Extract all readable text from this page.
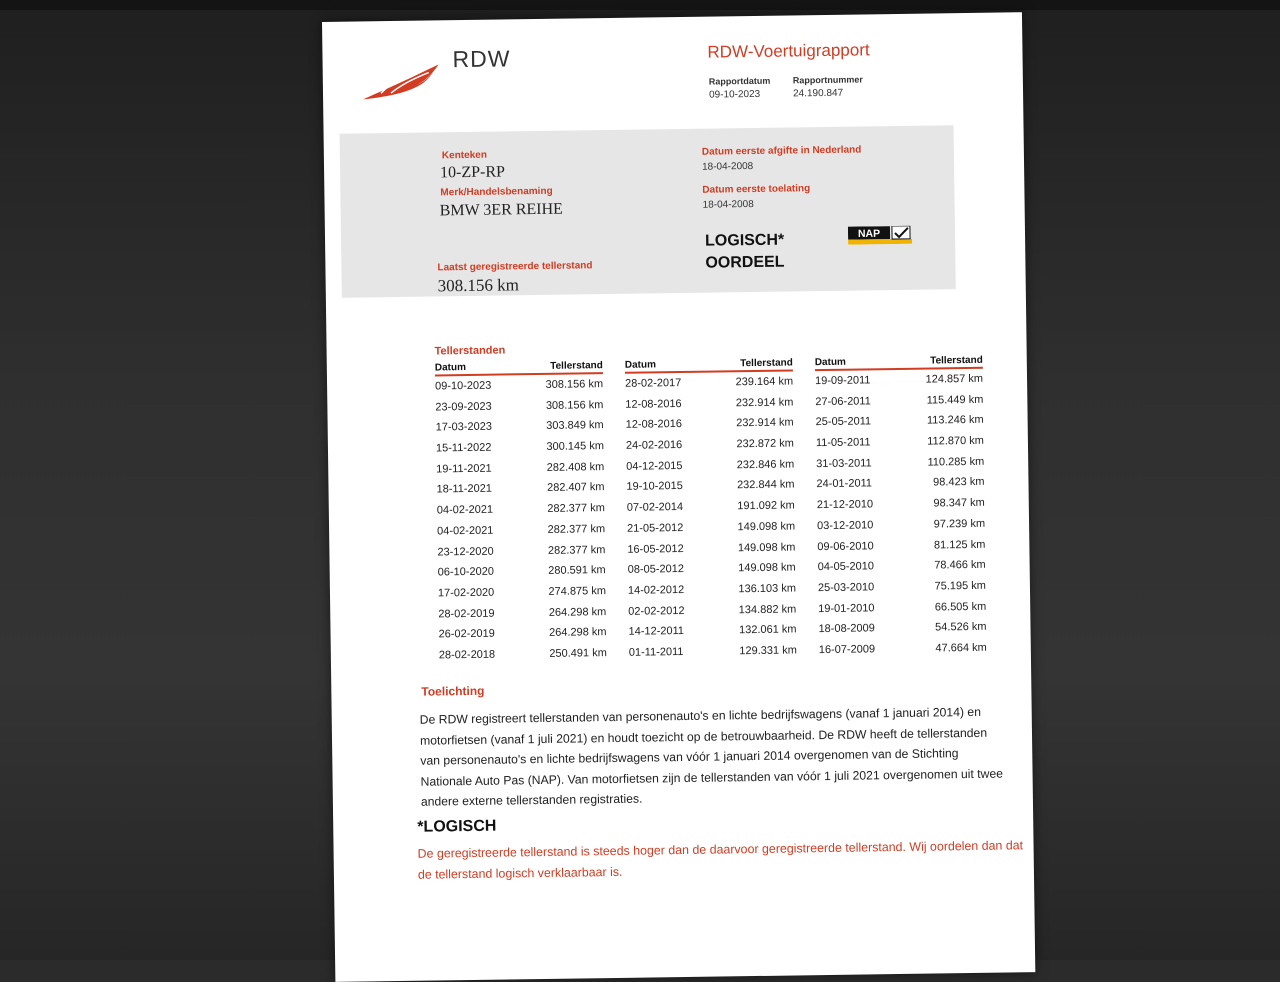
RDW	RDW-Voertuigrapport
Rapportdatum
09-10-2023
Rapportnummer
24.190.847
Kenteken
10-ZP-RP
Merk/Handelsbenaming
BMW 3ER REIHE
Laatst geregistreerde tellerstand
308.156 km
Datum eerste afgifte in Nederland
18-04-2008
Datum eerste toelating
18-04-2008
LOGISCH*
OORDEEL
NAP
Tellerstanden
Datum	Tellerstand
09-10-2023	308.156 km
23-09-2023	308.156 km
17-03-2023	303.849 km
15-11-2022	300.145 km
19-11-2021	282.408 km
18-11-2021	282.407 km
04-02-2021	282.377 km
04-02-2021	282.377 km
23-12-2020	282.377 km
06-10-2020	280.591 km
17-02-2020	274.875 km
28-02-2019	264.298 km
26-02-2019	264.298 km
28-02-2018	250.491 km
Datum	Tellerstand
28-02-2017	239.164 km
12-08-2016	232.914 km
12-08-2016	232.914 km
24-02-2016	232.872 km
04-12-2015	232.846 km
19-10-2015	232.844 km
07-02-2014	191.092 km
21-05-2012	149.098 km
16-05-2012	149.098 km
08-05-2012	149.098 km
14-02-2012	136.103 km
02-02-2012	134.882 km
14-12-2011	132.061 km
01-11-2011	129.331 km
Datum	Tellerstand
19-09-2011	124.857 km
27-06-2011	115.449 km
25-05-2011	113.246 km
11-05-2011	112.870 km
31-03-2011	110.285 km
24-01-2011	98.423 km
21-12-2010	98.347 km
03-12-2010	97.239 km
09-06-2010	81.125 km
04-05-2010	78.466 km
25-03-2010	75.195 km
19-01-2010	66.505 km
18-08-2009	54.526 km
16-07-2009	47.664 km
Toelichting
De RDW registreert tellerstanden van personenauto's en lichte bedrijfswagens (vanaf 1 januari 2014) en motorfietsen (vanaf 1 juli 2021) en houdt toezicht op de betrouwbaarheid. De RDW heeft de tellerstanden van personenauto's en lichte bedrijfswagens van vóór 1 januari 2014 overgenomen van de Stichting Nationale Auto Pas (NAP). Van motorfietsen zijn de tellerstanden van vóór 1 juli 2021 overgenomen uit twee andere externe tellerstanden registraties.
*LOGISCH
De geregistreerde tellerstand is steeds hoger dan de daarvoor geregistreerde tellerstand. Wij oordelen dan dat de tellerstand logisch verklaarbaar is.
